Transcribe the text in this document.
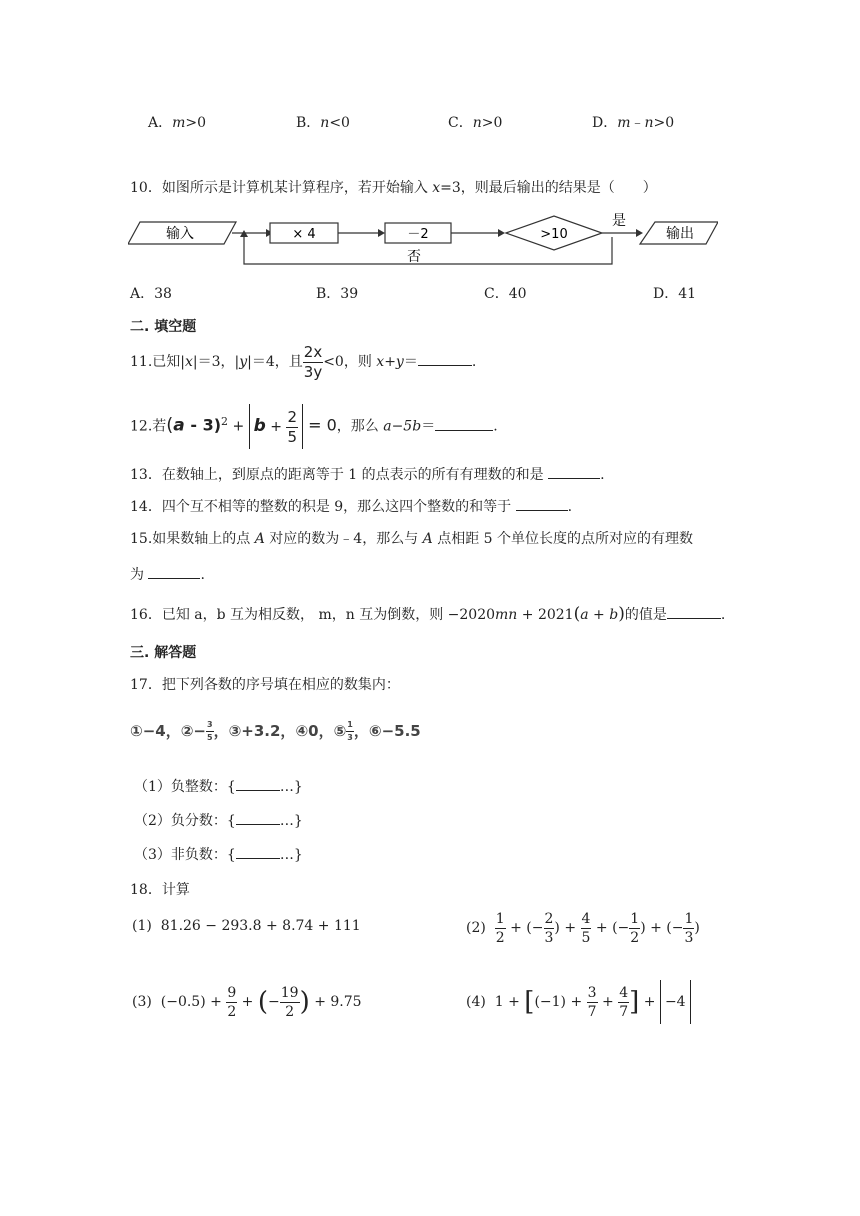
A．m>0	B．n<0	C．n>0	D．m﹣n>0
10．如图所示是计算机某计算程序，若开始输入 x=3，则最后输出的结果是（　　）
输入	× 4	－2	>10
是
输出
否
A．38	B．39	C．40	D．41
二. 填空题
11.已知|x|＝3，|y|＝4，且 $\frac{2x}{3y} <0$，则 x+y＝	.
12.若$(a - 3)^2 + b + \frac{2}{5} = 0$，那么 a−5b＝	.
13．在数轴上，到原点的距离等于 1 的点表示的所有有理数的和是	.
14．四个互不相等的整数的积是 9，那么这四个整数的和等于	.
15.如果数轴上的点 A 对应的数为﹣4，那么与 A 点相距 5 个单位长度的点所对应的有理数
为	.
16．已知 a，b 互为相反数， m，n 互为倒数，则 −2020mn + 2021(a + b)的值是	.
三. 解答题
17．把下列各数的序号填在相应的数集内：
①−4，②− $\frac{3}{5}$ ，③+3.2，④0，⑤ $\frac{1}{3}$ ，⑥−5.5
（1）负整数：{	…}
（2）负分数：{	…}
（3）非负数：{	…}
18．计算
(1) 81.26 − 293.8 + 8.74 + 111	$(2) \frac{1}{2}$ + (− $\frac{2}{3}$ ) + $\frac{4}{5}$ + (− $\frac{1}{2}$ ) + (− $\frac{1}{3}$ )
(3) $(-0.5) + \frac{9}{2}$ + (− $\frac{19}{2}$ ) + 9.75	(4) $1 + [(-1) + \frac{3}{7} + \frac{4}{7}$ ] + −4
